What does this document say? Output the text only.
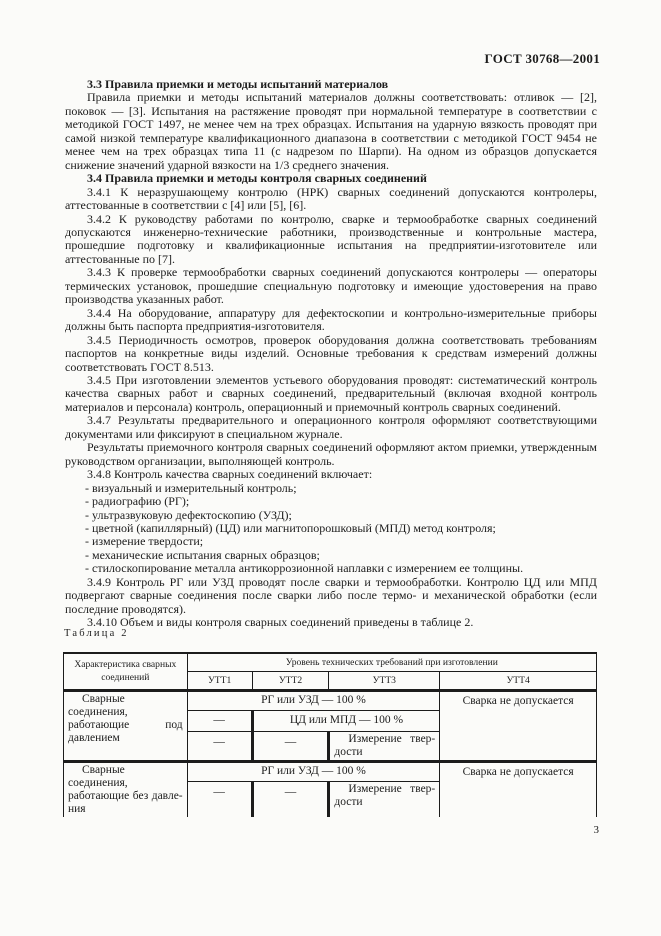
ГОСТ 30768—2001

3.3 Правила приемки и методы испытаний материалов

Правила приемки и методы испытаний материалов должны соответствовать: отливок — [2], поковок — [3]. Испытания на растяжение проводят при нормальной температуре в соответствии с методикой ГОСТ 1497, не менее чем на трех образцах. Испытания на ударную вязкость проводят при самой низкой температуре квалификационного диапазона в соответствии с методикой ГОСТ 9454 не менее чем на трех образцах типа 11 (с надрезом по Шарпи). На одном из образцов допускается снижение значений ударной вязкости на 1/3 среднего значения.

3.4 Правила приемки и методы контроля сварных соединений

3.4.1 К неразрушающему контролю (НРК) сварных соединений допускаются контролеры, аттестованные в соответствии с [4] или [5], [6].

3.4.2 К руководству работами по контролю, сварке и термообработке сварных соединений допускаются инженерно-технические работники, производственные и контрольные мастера, прошедшие подготовку и квалификационные испытания на предприятии-изготовителе или аттестованные по [7].

3.4.3 К проверке термообработки сварных соединений допускаются контролеры — операторы термических установок, прошедшие специальную подготовку и имеющие удостоверения на право производства указанных работ.

3.4.4 На оборудование, аппаратуру для дефектоскопии и контрольно-измерительные приборы должны быть паспорта предприятия-изготовителя.

3.4.5 Периодичность осмотров, проверок оборудования должна соответствовать требованиям паспортов на конкретные виды изделий. Основные требования к средствам измерений должны соответствовать ГОСТ 8.513.

3.4.5 При изготовлении элементов устьевого оборудования проводят: систематический контроль качества сварных работ и сварных соединений, предварительный (включая входной контроль материалов и персонала) контроль, операционный и приемочный контроль сварных соединений.

3.4.7 Результаты предварительного и операционного контроля оформляют соответствующими документами или фиксируют в специальном журнале.

Результаты приемочного контроля сварных соединений оформляют актом приемки, утвержденным руководством организации, выполняющей контроль.

3.4.8 Контроль качества сварных соединений включает:

- визуальный и измерительный контроль;

- радиографию (РГ);

- ультразвуковую дефектоскопию (УЗД);

- цветной (капиллярный) (ЦД) или магнитопорошковый (МПД) метод контроля;

- измерение твердости;

- механические испытания сварных образцов;

- стилоскопирование металла антикоррозионной наплавки с измерением ее толщины.

3.4.9 Контроль РГ или УЗД проводят после сварки и термообработки. Контролю ЦД или МПД подвергают сварные соединения после сварки либо после термо- и механической обработки (если последние проводятся).

3.4.10 Объем и виды контроля сварных соединений приведены в таблице 2.

Таблица 2
Характеристика сварных соединений	Уровень технических требований при изготовлении			
	УТТ1	УТТ2	УТТ3	УТТ4
Сварные соединения, работающие под давлением	РГ или УЗД — 100 %			Сварка не допускается
	—	ЦД или МПД — 100 %		
	—	—	Измерение твердости	
Сварные соединения, работающие без давления	РГ или УЗД — 100 %			Сварка не допускается
	—	—	Измерение твердости	
3
